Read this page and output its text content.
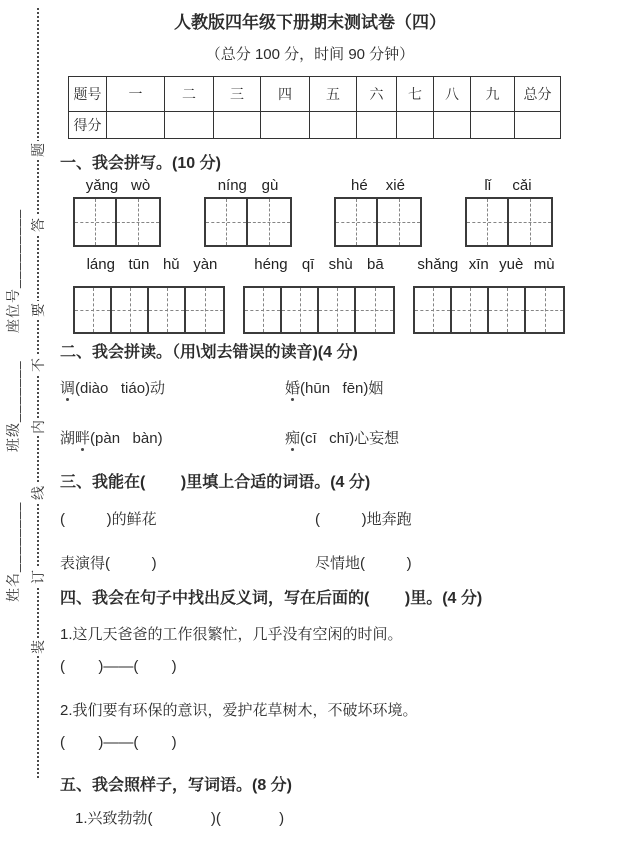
题
答
要
不
内
线
订
装
座位号_________
班级_______
姓名________
人教版四年级下册期末测试卷（四）
（总分 100 分，时间 90 分钟）
题号	一	二	三	四	五	六	七	八	九	总分
得分										
一、我会拼写。(10 分)
yǎng wò	níng gù	hé xié	lǐ cǎi
láng tūn hǔ yàn héng qī shù bā shǎng xīn yuè mù
二、我会拼读。（用\划去错误的读音)(4 分)
调(diào   tiáo)动	婚(hūn   fēn)姻
湖畔(pàn   bàn)	痴(cī   chī)心妄想
三、我能在(        )里填上合适的词语。(4 分)
(          )的鲜花	(          )地奔跑
表演得(          )	尽情地(          )
四、我会在句子中找出反义词，写在后面的(        )里。(4 分)
1.这几天爸爸的工作很繁忙，几乎没有空闲的时间。
(        )——(        )
2.我们要有环保的意识，爱护花草树木，不破坏环境。
(        )——(        )
五、我会照样子，写词语。(8 分)
1.兴致勃勃(              )(              )
